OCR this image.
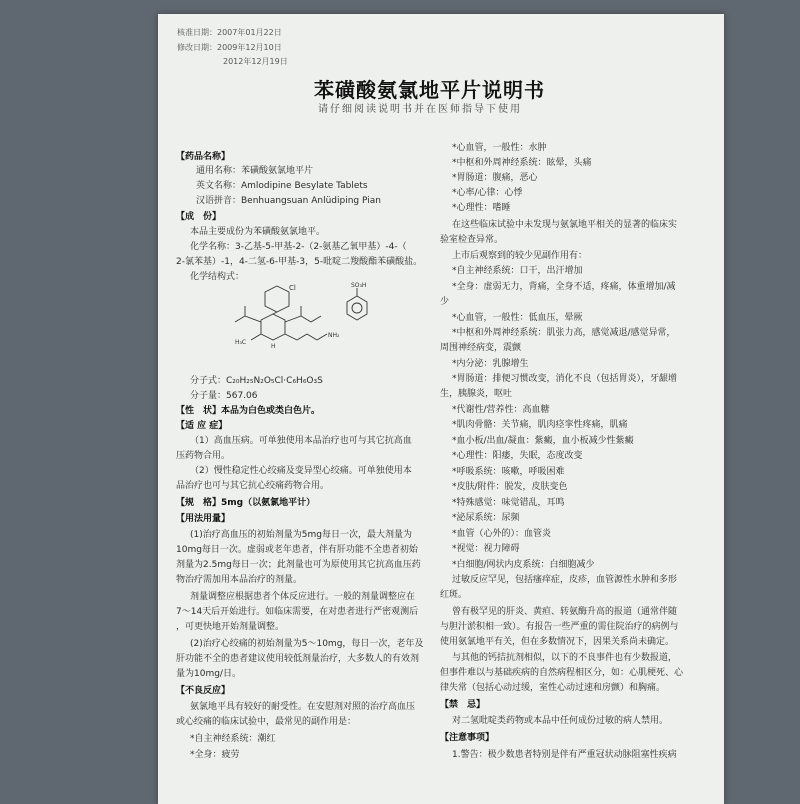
核准日期：2007年01月22日
修改日期：2009年12月10日
2012年12月19日
苯磺酸氨氯地平片说明书
请仔细阅读说明书并在医师指导下使用
【药品名称】
通用名称：苯磺酸氨氯地平片
英文名称：Amlodipine Besylate Tablets
汉语拼音：Benhuangsuan Anlüdiping Pian
【成　份】
本品主要成份为苯磺酸氨氯地平。
化学名称：3-乙基-5-甲基-2-（2-氨基乙氧甲基）-4-（
2-氯苯基）-1，4-二氢-6-甲基-3，5-吡啶二羧酸酯苯磺酸盐。
化学结构式：
Cl	SO₃H
H₃C
NH₂
H
分子式：C₂₀H₂₅N₂O₅Cl·C₆H₆O₃S
分子量：567.06
【性　状】本品为白色或类白色片。
【适 应 症】
（1）高血压病。可单独使用本品治疗也可与其它抗高血
压药物合用。
（2）慢性稳定性心绞痛及变异型心绞痛。可单独使用本
品治疗也可与其它抗心绞痛药物合用。
【规　格】5mg（以氨氯地平计）
【用法用量】
(1)治疗高血压的初始剂量为5mg每日一次，最大剂量为
10mg每日一次。虚弱或老年患者，伴有肝功能不全患者初始
剂量为2.5mg每日一次；此剂量也可为原使用其它抗高血压药
物治疗需加用本品治疗的剂量。
剂量调整应根据患者个体反应进行。一般的剂量调整应在
7～14天后开始进行。如临床需要，在对患者进行严密观测后
，可更快地开始剂量调整。
(2)治疗心绞痛的初始剂量为5～10mg，每日一次，老年及
肝功能不全的患者建议使用较低剂量治疗，大多数人的有效剂
量为10mg/日。
【不良反应】
氨氯地平具有较好的耐受性。在安慰剂对照的治疗高血压
或心绞痛的临床试验中，最常见的副作用是：
*自主神经系统：潮红
*全身：疲劳
*心血管，一般性：水肿
*中枢和外周神经系统：眩晕，头痛
*胃肠道：腹痛，恶心
*心率/心律：心悸
*心理性：嗜睡
在这些临床试验中未发现与氨氯地平相关的显著的临床实
验室检查异常。
上市后观察到的较少见副作用有：
*自主神经系统：口干，出汗增加
*全身：虚弱无力，背痛，全身不适，疼痛，体重增加/减
少
*心血管，一般性：低血压，晕厥
*中枢和外周神经系统：肌张力高，感觉减退/感觉异常，
周围神经病变，震颤
*内分泌：乳腺增生
*胃肠道：排便习惯改变，消化不良（包括胃炎），牙龈增
生，胰腺炎，呕吐
*代谢性/营养性：高血糖
*肌肉骨骼：关节痛，肌肉痉挛性疼痛，肌痛
*血小板/出血/凝血：紫癜，血小板减少性紫癜
*心理性：阳痿，失眠，态度改变
*呼吸系统：咳嗽，呼吸困难
*皮肤/附件：脱发，皮肤变色
*特殊感觉：味觉错乱，耳鸣
*泌尿系统：尿频
*血管（心外的）：血管炎
*视觉：视力障碍
*白细胞/网状内皮系统：白细胞减少
过敏反应罕见，包括瘙痒症，皮疹，血管源性水肿和多形
红斑。
曾有极罕见的肝炎、黄疸、转氨酶升高的报道（通常伴随
与胆汁淤积相一致）。有报告一些严重的需住院治疗的病例与
使用氨氯地平有关，但在多数情况下，因果关系尚未确定。
与其他的钙拮抗剂相似，以下的不良事件也有少数报道，
但事件难以与基础疾病的自然病程相区分，如：心肌梗死、心
律失常（包括心动过缓，室性心动过速和房颤）和胸痛。
【禁　忌】
对二氢吡啶类药物或本品中任何成份过敏的病人禁用。
【注意事项】
1.警告：极少数患者特别是伴有严重冠状动脉阻塞性疾病
